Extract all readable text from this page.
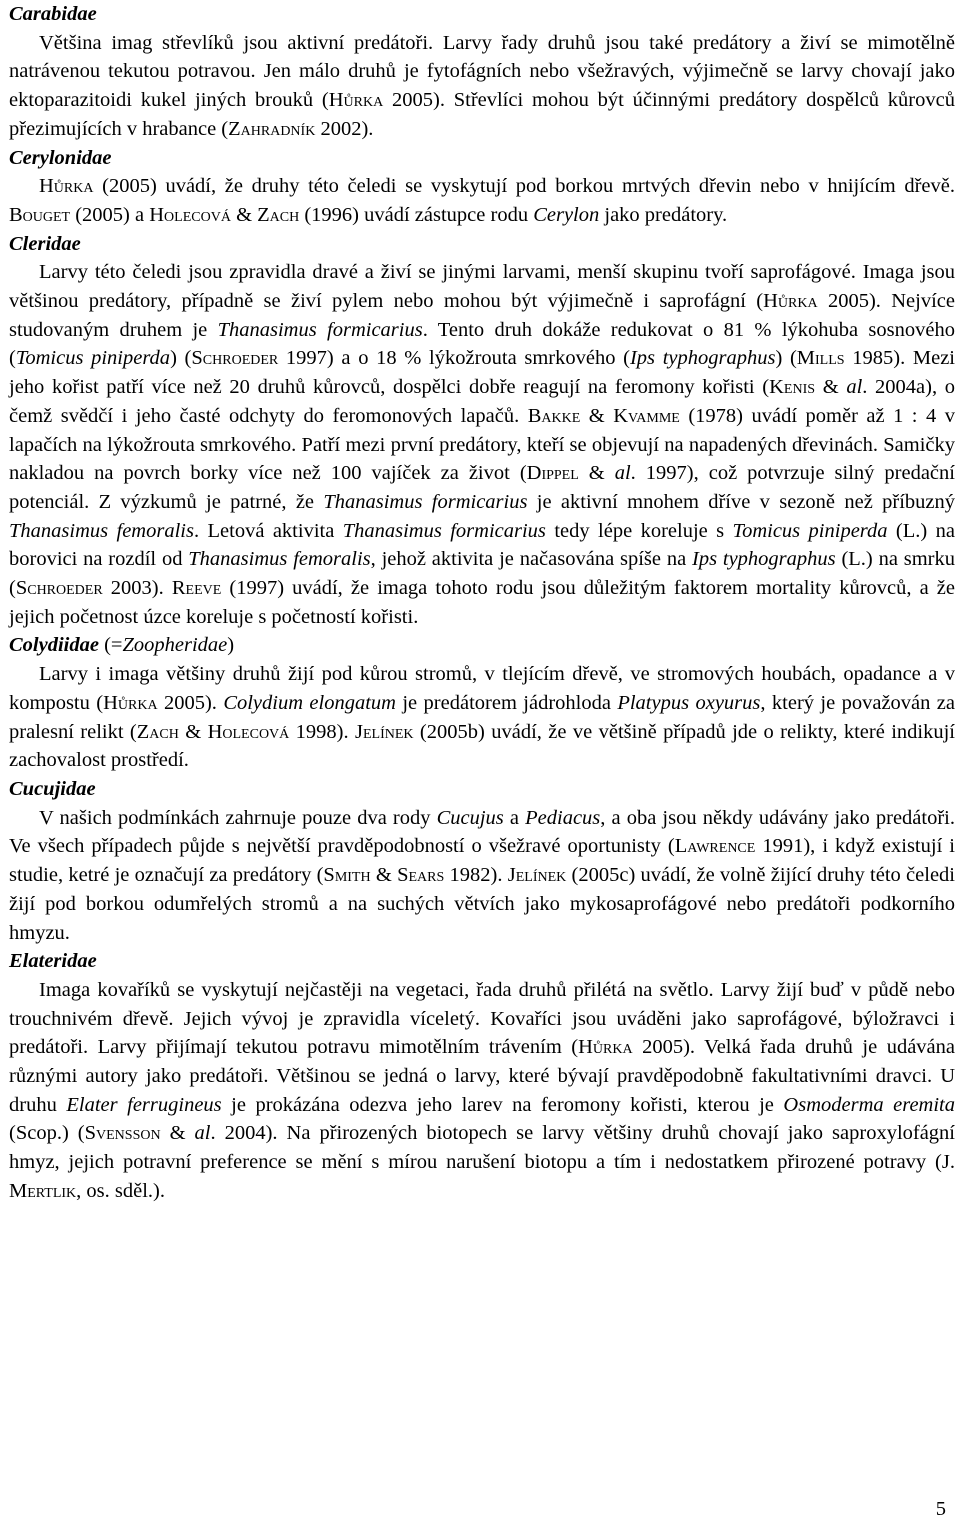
Carabidae

Většina imag střevlíků jsou aktivní predátoři. Larvy řady druhů jsou také predátory a živí se mimotělně natrávenou tekutou potravou. Jen málo druhů je fytofágních nebo všežravých, výjimečně se larvy chovají jako ektoparazitoidi kukel jiných brouků (Hůrka 2005). Střevlíci mohou být účinnými predátory dospělců kůrovců přezimujících v hrabance (Zahradník 2002).

Cerylonidae

Hůrka (2005) uvádí, že druhy této čeledi se vyskytují pod borkou mrtvých dřevin nebo v hnijícím dřevě. Bouget (2005) a Holecová & Zach (1996) uvádí zástupce rodu Cerylon jako predátory.

Cleridae

Larvy této čeledi jsou zpravidla dravé a živí se jinými larvami, menší skupinu tvoří saprofágové. Imaga jsou většinou predátory, případně se živí pylem nebo mohou být výjimečně i saprofágní (Hůrka 2005). Nejvíce studovaným druhem je Thanasimus formicarius. Tento druh dokáže redukovat o 81 % lýkohuba sosnového (Tomicus piniperda) (Schroeder 1997) a o 18 % lýkožrouta smrkového (Ips typhographus) (Mills 1985). Mezi jeho kořist patří více než 20 druhů kůrovců, dospělci dobře reagují na feromony kořisti (Kenis & al. 2004a), o čemž svědčí i jeho časté odchyty do feromonových lapačů. Bakke & Kvamme (1978) uvádí poměr až 1 : 4 v lapačích na lýkožrouta smrkového. Patří mezi první predátory, kteří se objevují na napadených dřevinách. Samičky nakladou na povrch borky více než 100 vajíček za život (Dippel & al. 1997), což potvrzuje silný predační potenciál. Z výzkumů je patrné, že Thanasimus formicarius je aktivní mnohem dříve v sezoně než příbuzný Thanasimus femoralis. Letová aktivita Thanasimus formicarius tedy lépe koreluje s Tomicus piniperda (L.) na borovici na rozdíl od Thanasimus femoralis, jehož aktivita je načasována spíše na Ips typhographus (L.) na smrku (Schroeder 2003). Reeve (1997) uvádí, že imaga tohoto rodu jsou důležitým faktorem mortality kůrovců, a že jejich početnost úzce koreluje s početností kořisti.

Colydiidae (=Zoopheridae)

Larvy i imaga většiny druhů žijí pod kůrou stromů, v tlejícím dřevě, ve stromových houbách, opadance a v kompostu (Hůrka 2005). Colydium elongatum je predátorem jádrohloda Platypus oxyurus, který je považován za pralesní relikt (Zach & Holecová 1998). Jelínek (2005b) uvádí, že ve většině případů jde o relikty, které indikují zachovalost prostředí.

Cucujidae

V našich podmínkách zahrnuje pouze dva rody Cucujus a Pediacus, a oba jsou někdy udávány jako predátoři. Ve všech případech půjde s největší pravděpodobností o všežravé oportunisty (Lawrence 1991), i když existují i studie, ketré je označují za predátory (Smith & Sears 1982). Jelínek (2005c) uvádí, že volně žijící druhy této čeledi žijí pod borkou odumřelých stromů a na suchých větvích jako mykosaprofágové nebo predátoři podkorního hmyzu.

Elateridae

Imaga kovaříků se vyskytují nejčastěji na vegetaci, řada druhů přilétá na světlo. Larvy žijí buď v půdě nebo trouchnivém dřevě. Jejich vývoj je zpravidla víceletý. Kovaříci jsou uváděni jako saprofágové, býložravci i predátoři. Larvy přijímají tekutou potravu mimotělním trávením (Hůrka 2005). Velká řada druhů je udávána různými autory jako predátoři. Většinou se jedná o larvy, které bývají pravděpodobně fakultativními dravci. U druhu Elater ferrugineus je prokázána odezva jeho larev na feromony kořisti, kterou je Osmoderma eremita (Scop.) (Svensson & al. 2004). Na přirozených biotopech se larvy většiny druhů chovají jako saproxylofágní hmyz, jejich potravní preference se mění s mírou narušení biotopu a tím i nedostatkem přirozené potravy (J. Mertlik, os. sděl.).

5
